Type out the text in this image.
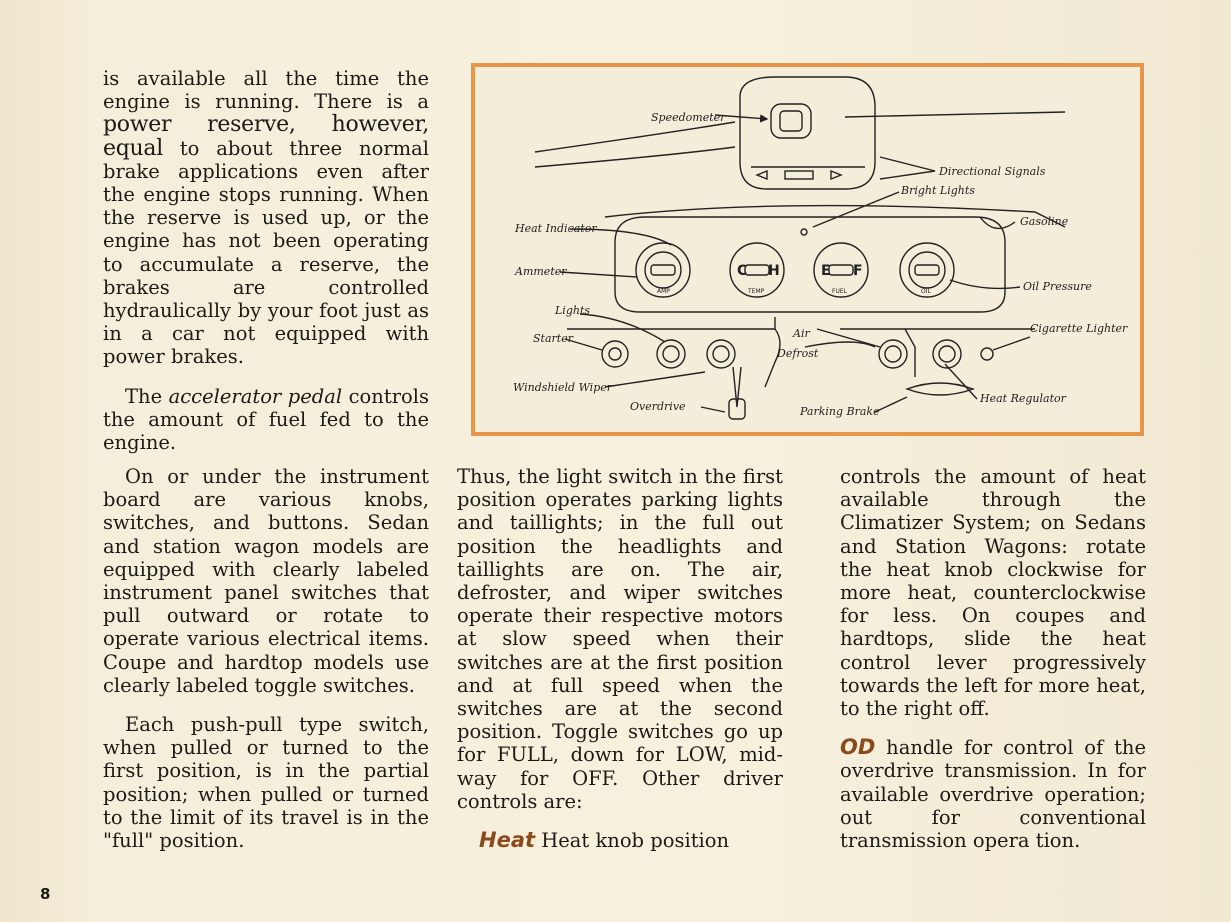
is available all the time the engine is running. There is a power reserve, however, equal to about three normal brake applications even after the engine stops running. When the reserve is used up, or the engine has not been operating to accumulate a reserve, the brakes are controlled hydraulically by your foot just as in a car not equipped with power brakes.

The accelerator pedal controls the amount of fuel fed to the engine.

On or under the instrument board are various knobs, switches, and buttons. Sedan and station wagon models are equipped with clearly labeled instrument panel switches that pull outward or rotate to operate various electrical items. Coupe and hardtop models use clearly labeled toggle switches.

Each push-pull type switch, when pulled or turned to the first position, is in the partial position; when pulled or turned to the limit of its travel is in the "full" position.

Thus, the light switch in the first position operates parking lights and taillights; in the full out position the headlights and taillights are on. The air, defroster, and wiper switches operate their respective motors at slow speed when their switches are at the first position and at full speed when the switches are at the second position. Toggle switches go up for FULL, down for LOW, mid-way for OFF. Other driver controls are:

Heat Heat knob position

controls the amount of heat available through the Climatizer System; on Sedans and Station Wagons: rotate the heat knob clockwise for more heat, counterclockwise for less. On coupes and hardtops, slide the heat control lever progressively towards the left for more heat, to the right off.

OD handle for control of the overdrive transmission. In for available overdrive operation; out for conventional transmission opera tion.

8
C H	E F
AMP	TEMP	FUEL	OIL
Speedometer
Directional Signals
Bright Lights
Heat Indicator
Gasoline
Ammeter
Oil Pressure
Lights
Cigarette Lighter
Starter	Air
Defrost
Windshield Wiper
Overdrive	Parking Brake
Heat Regulator
